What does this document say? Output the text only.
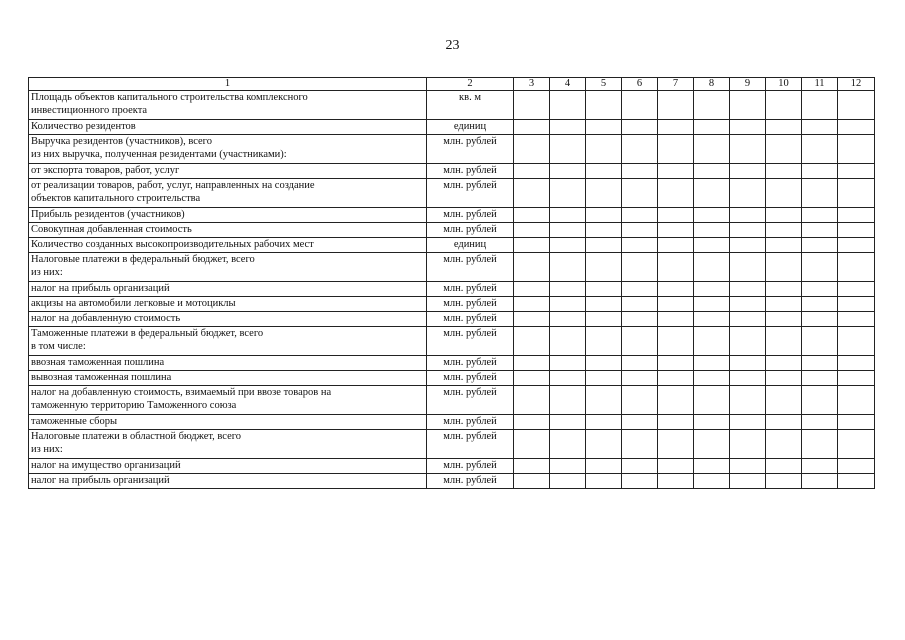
23
1	2	3	4	5	6	7	8	9	10	11	12
Площадь объектов капитального строительства комплексного
инвестиционного проекта	кв. м										
Количество резидентов	единиц										
Выручка резидентов (участников), всего
из них выручка, полученная резидентами (участниками):	млн. рублей										
от экспорта товаров, работ, услуг	млн. рублей										
от реализации товаров, работ, услуг, направленных на создание
объектов капитального строительства	млн. рублей										
Прибыль резидентов (участников)	млн. рублей										
Совокупная добавленная стоимость	млн. рублей										
Количество созданных высокопроизводительных рабочих мест	единиц										
Налоговые платежи в федеральный бюджет, всего
из них:	млн. рублей										
налог на прибыль организаций	млн. рублей										
акцизы на автомобили легковые и мотоциклы	млн. рублей										
налог на добавленную стоимость	млн. рублей										
Таможенные платежи в федеральный бюджет, всего
в том числе:	млн. рублей										
ввозная таможенная пошлина	млн. рублей										
вывозная таможенная пошлина	млн. рублей										
налог на добавленную стоимость, взимаемый при ввозе товаров на
таможенную территорию Таможенного союза	млн. рублей										
таможенные сборы	млн. рублей										
Налоговые платежи в областной бюджет, всего
из них:	млн. рублей										
налог на имущество организаций	млн. рублей										
налог на прибыль организаций	млн. рублей										
